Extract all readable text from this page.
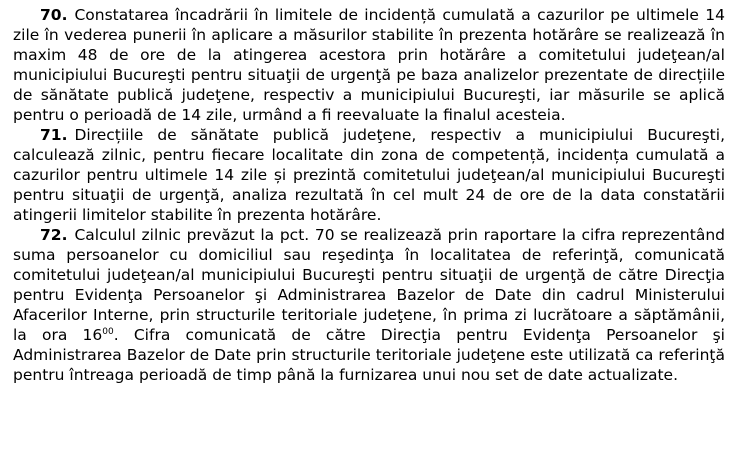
70. Constatarea încadrării în limitele de incidență cumulată a cazurilor pe ultimele 14 zile în vederea punerii în aplicare a măsurilor stabilite în prezenta hotărâre se realizează în maxim 48 de ore de la atingerea acestora prin hotărâre a comitetului judeţean/al municipiului Bucureşti pentru situaţii de urgenţă pe baza analizelor prezentate de direcțiile de sănătate publică judeţene, respectiv a municipiului Bucureşti, iar măsurile se aplică pentru o perioadă de 14 zile, urmând a fi reevaluate la finalul acesteia.

71. Direcțiile de sănătate publică judeţene, respectiv a municipiului Bucureşti, calculează zilnic, pentru fiecare localitate din zona de competență, incidența cumulată a cazurilor pentru ultimele 14 zile și prezintă comitetului judeţean/al municipiului Bucureşti pentru situaţii de urgenţă, analiza rezultată în cel mult 24 de ore de la data constatării atingerii limitelor stabilite în prezenta hotărâre.

72. Calculul zilnic prevăzut la pct. 70 se realizează prin raportare la cifra reprezentând suma persoanelor cu domiciliul sau reşedinţa în localitatea de referinţă, comunicată comitetului judeţean/al municipiului Bucureşti pentru situaţii de urgenţă de către Direcţia pentru Evidenţa Persoanelor şi Administrarea Bazelor de Date din cadrul Ministerului Afacerilor Interne, prin structurile teritoriale judeţene, în prima zi lucrătoare a săptămânii, la ora $16^{00}$. Cifra comunicată de către Direcţia pentru Evidenţa Persoanelor şi Administrarea Bazelor de Date prin structurile teritoriale judeţene este utilizată ca referinţă pentru întreaga perioadă de timp până la furnizarea unui nou set de date actualizate.
